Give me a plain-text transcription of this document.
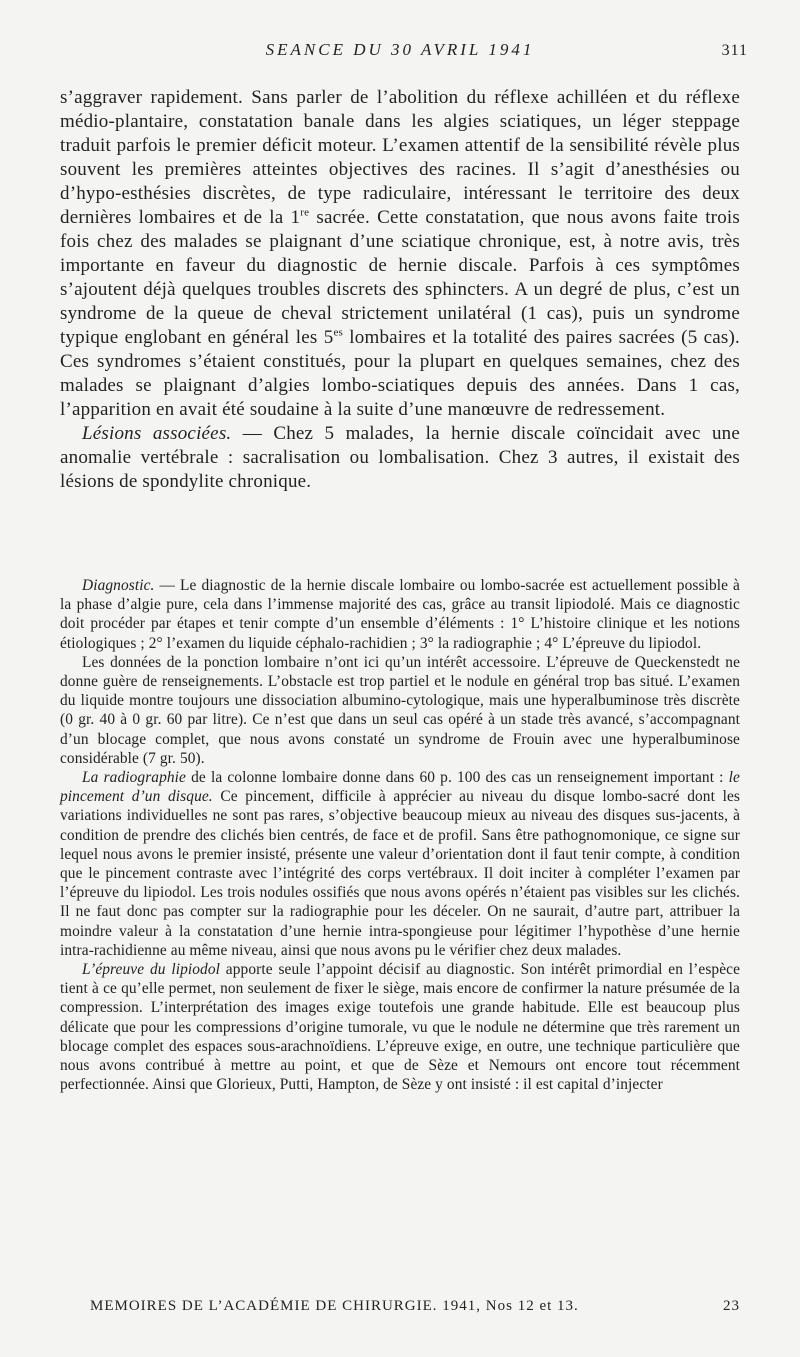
SEANCE DU 30 AVRIL 1941	311

s’aggraver rapidement. Sans parler de l’abolition du réflexe achilléen et du réflexe médio-plantaire, constatation banale dans les algies sciatiques, un léger steppage traduit parfois le premier déficit moteur. L’examen attentif de la sensibilité révèle plus souvent les premières atteintes objectives des racines. Il s’agit d’anesthésies ou d’hypo-esthésies discrètes, de type radiculaire, intéressant le territoire des deux dernières lombaires et de la 1re sacrée. Cette constatation, que nous avons faite trois fois chez des malades se plaignant d’une sciatique chronique, est, à notre avis, très importante en faveur du diagnostic de hernie discale. Parfois à ces symptômes s’ajoutent déjà quelques troubles discrets des sphincters. A un degré de plus, c’est un syndrome de la queue de cheval strictement unilatéral (1 cas), puis un syndrome typique englobant en général les $5^{es}$ lombaires et la totalité des paires sacrées (5 cas). Ces syndromes s’étaient constitués, pour la plupart en quelques semaines, chez des malades se plaignant d’algies lombo-sciatiques depuis des années. Dans 1 cas, l’apparition en avait été soudaine à la suite d’une manœuvre de redressement.

Lésions associées. — Chez 5 malades, la hernie discale coïncidait avec une anomalie vertébrale : sacralisation ou lombalisation. Chez 3 autres, il existait des lésions de spondylite chronique.

Diagnostic. — Le diagnostic de la hernie discale lombaire ou lombo-sacrée est actuellement possible à la phase d’algie pure, cela dans l’immense majorité des cas, grâce au transit lipiodolé. Mais ce diagnostic doit procéder par étapes et tenir compte d’un ensemble d’éléments : 1° L’histoire clinique et les notions étiologiques ; 2° l’examen du liquide céphalo-rachidien ; 3° la radiographie ; 4° L’épreuve du lipiodol.

Les données de la ponction lombaire n’ont ici qu’un intérêt accessoire. L’épreuve de Queckenstedt ne donne guère de renseignements. L’obstacle est trop partiel et le nodule en général trop bas situé. L’examen du liquide montre toujours une dissociation albumino-cytologique, mais une hyperalbuminose très discrète (0 gr. 40 à 0 gr. 60 par litre). Ce n’est que dans un seul cas opéré à un stade très avancé, s’accompagnant d’un blocage complet, que nous avons constaté un syndrome de Frouin avec une hyperalbuminose considérable (7 gr. 50).

La radiographie de la colonne lombaire donne dans 60 p. 100 des cas un renseignement important : le pincement d’un disque. Ce pincement, difficile à apprécier au niveau du disque lombo-sacré dont les variations individuelles ne sont pas rares, s’objective beaucoup mieux au niveau des disques sus-jacents, à condition de prendre des clichés bien centrés, de face et de profil. Sans être pathognomonique, ce signe sur lequel nous avons le premier insisté, présente une valeur d’orientation dont il faut tenir compte, à condition que le pincement contraste avec l’intégrité des corps vertébraux. Il doit inciter à compléter l’examen par l’épreuve du lipiodol. Les trois nodules ossifiés que nous avons opérés n’étaient pas visibles sur les clichés. Il ne faut donc pas compter sur la radiographie pour les déceler. On ne saurait, d’autre part, attribuer la moindre valeur à la constatation d’une hernie intra-spongieuse pour légitimer l’hypothèse d’une hernie intra-rachidienne au même niveau, ainsi que nous avons pu le vérifier chez deux malades.

L’épreuve du lipiodol apporte seule l’appoint décisif au diagnostic. Son intérêt primordial en l’espèce tient à ce qu’elle permet, non seulement de fixer le siège, mais encore de confirmer la nature présumée de la compression. L’interprétation des images exige toutefois une grande habitude. Elle est beaucoup plus délicate que pour les compressions d’origine tumorale, vu que le nodule ne détermine que très rarement un blocage complet des espaces sous-arachnoïdiens. L’épreuve exige, en outre, une technique particulière que nous avons contribué à mettre au point, et que de Sèze et Nemours ont encore tout récemment perfectionnée. Ainsi que Glorieux, Putti, Hampton, de Sèze y ont insisté : il est capital d’injecter

MEMOIRES DE L’ACADÉMIE DE CHIRURGIE. 1941, Nos 12 et 13.	23
